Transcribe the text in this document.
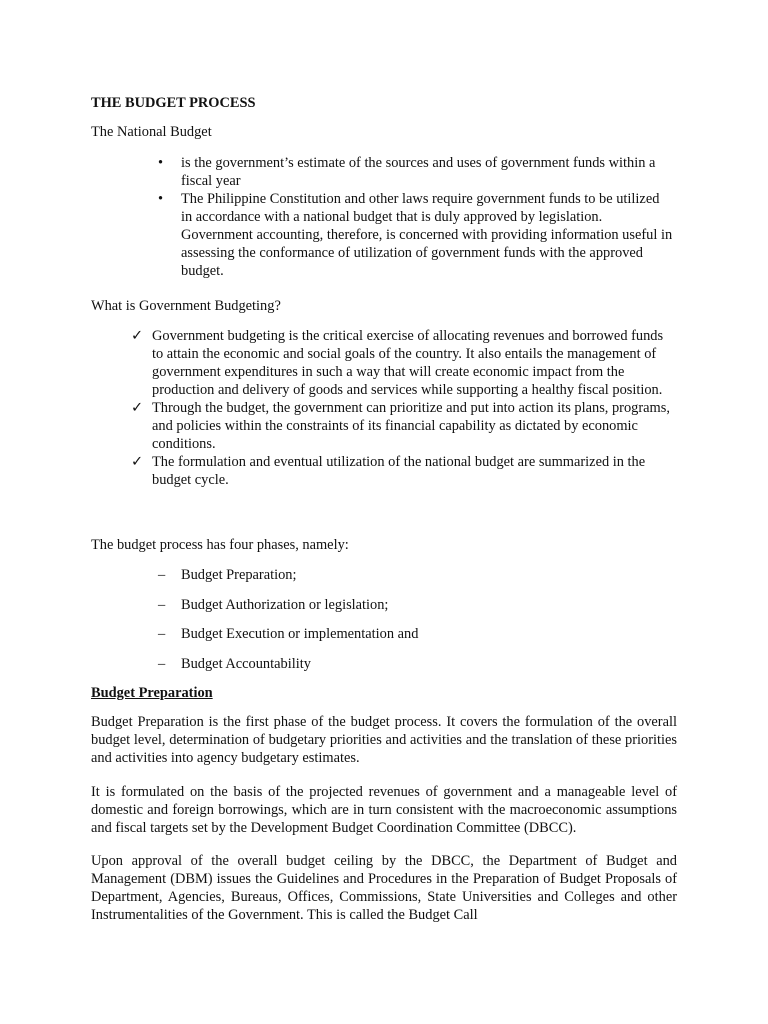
THE BUDGET PROCESS
The National Budget
• is the government’s estimate of the sources and uses of government funds within a fiscal year
• The Philippine Constitution and other laws require government funds to be utilized in accordance with a national budget that is duly approved by legislation. Government accounting, therefore, is concerned with providing information useful in assessing the conformance of utilization of government funds with the approved budget.
What is Government Budgeting?
✓ Government budgeting is the critical exercise of allocating revenues and borrowed funds to attain the economic and social goals of the country. It also entails the management of government expenditures in such a way that will create economic impact from the production and delivery of goods and services while supporting a healthy fiscal position.
✓ Through the budget, the government can prioritize and put into action its plans, programs, and policies within the constraints of its financial capability as dictated by economic conditions.
✓ The formulation and eventual utilization of the national budget are summarized in the budget cycle.
The budget process has four phases, namely:
– Budget Preparation;
– Budget Authorization or legislation;
– Budget Execution or implementation and
– Budget Accountability
Budget Preparation

Budget Preparation is the first phase of the budget process. It covers the formulation of the overall budget level, determination of budgetary priorities and activities and the translation of these priorities and activities into agency budgetary estimates.

It is formulated on the basis of the projected revenues of government and a manageable level of domestic and foreign borrowings, which are in turn consistent with the macroeconomic assumptions and fiscal targets set by the Development Budget Coordination Committee (DBCC).

Upon approval of the overall budget ceiling by the DBCC, the Department of Budget and Management (DBM) issues the Guidelines and Procedures in the Preparation of Budget Proposals of Department, Agencies, Bureaus, Offices, Commissions, State Universities and Colleges and other Instrumentalities of the Government. This is called the Budget Call
